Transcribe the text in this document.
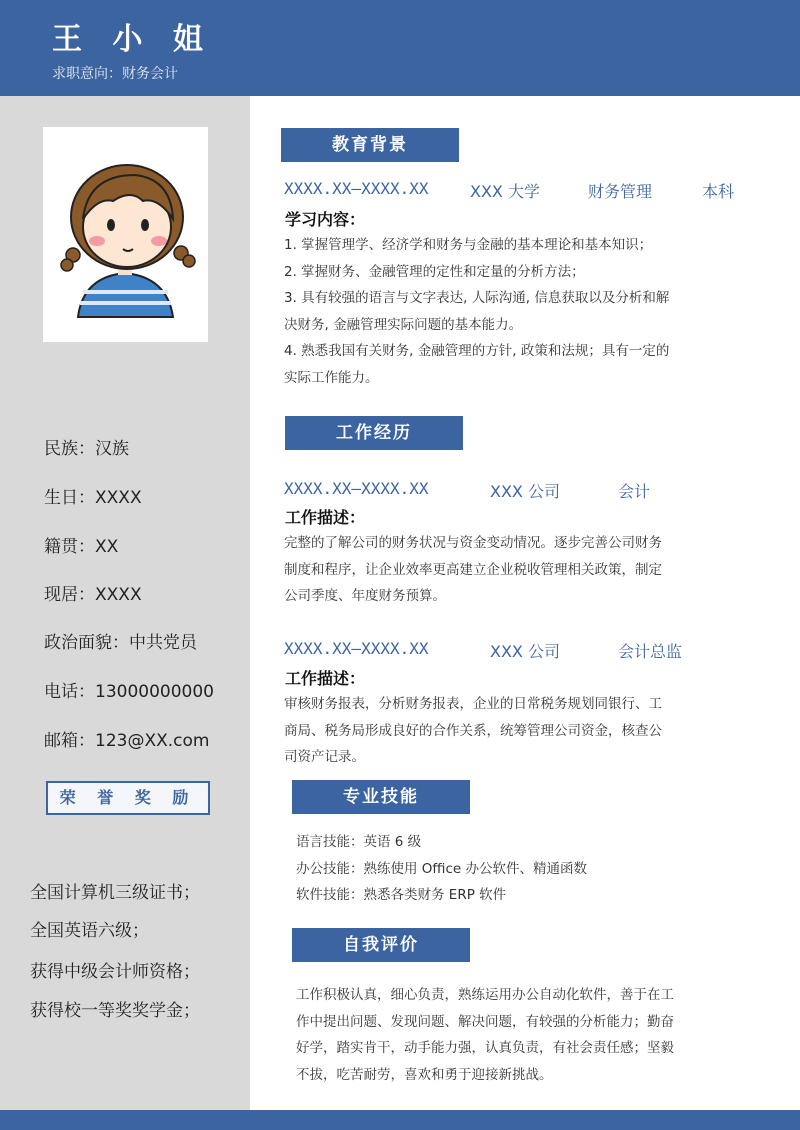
王 小 姐
求职意向：财务会计
民族：汉族
生日：XXXX
籍贯：XX
现居：XXXX
政治面貌：中共党员
电话：13000000000
邮箱：123@XX.com
荣 誉 奖 励
全国计算机三级证书；
全国英语六级；
获得中级会计师资格；
获得校一等奖奖学金；
教育背景
XXXX.XX—XXXX.XX	XXX 大学	财务管理	本科
学习内容：
1. 掌握管理学、经济学和财务与金融的基本理论和基本知识；
2. 掌握财务、金融管理的定性和定量的分析方法；
3. 具有较强的语言与文字表达, 人际沟通, 信息获取以及分析和解
决财务, 金融管理实际问题的基本能力。
4. 熟悉我国有关财务, 金融管理的方针, 政策和法规；具有一定的
实际工作能力。
工作经历
XXXX.XX—XXXX.XX	XXX 公司	会计
工作描述：
完整的了解公司的财务状况与资金变动情况。逐步完善公司财务
制度和程序，让企业效率更高建立企业税收管理相关政策，制定
公司季度、年度财务预算。
XXXX.XX—XXXX.XX	XXX 公司	会计总监
工作描述：
审核财务报表，分析财务报表，企业的日常税务规划同银行、工
商局、税务局形成良好的合作关系，统筹管理公司资金，核查公
司资产记录。
专业技能
语言技能：英语 6 级
办公技能：熟练使用 Office 办公软件、精通函数
软件技能：熟悉各类财务 ERP 软件
自我评价
工作积极认真，细心负责，熟练运用办公自动化软件，善于在工
作中提出问题、发现问题、解决问题，有较强的分析能力；勤奋
好学，踏实肯干，动手能力强，认真负责，有社会责任感；坚毅
不拔，吃苦耐劳，喜欢和勇于迎接新挑战。
